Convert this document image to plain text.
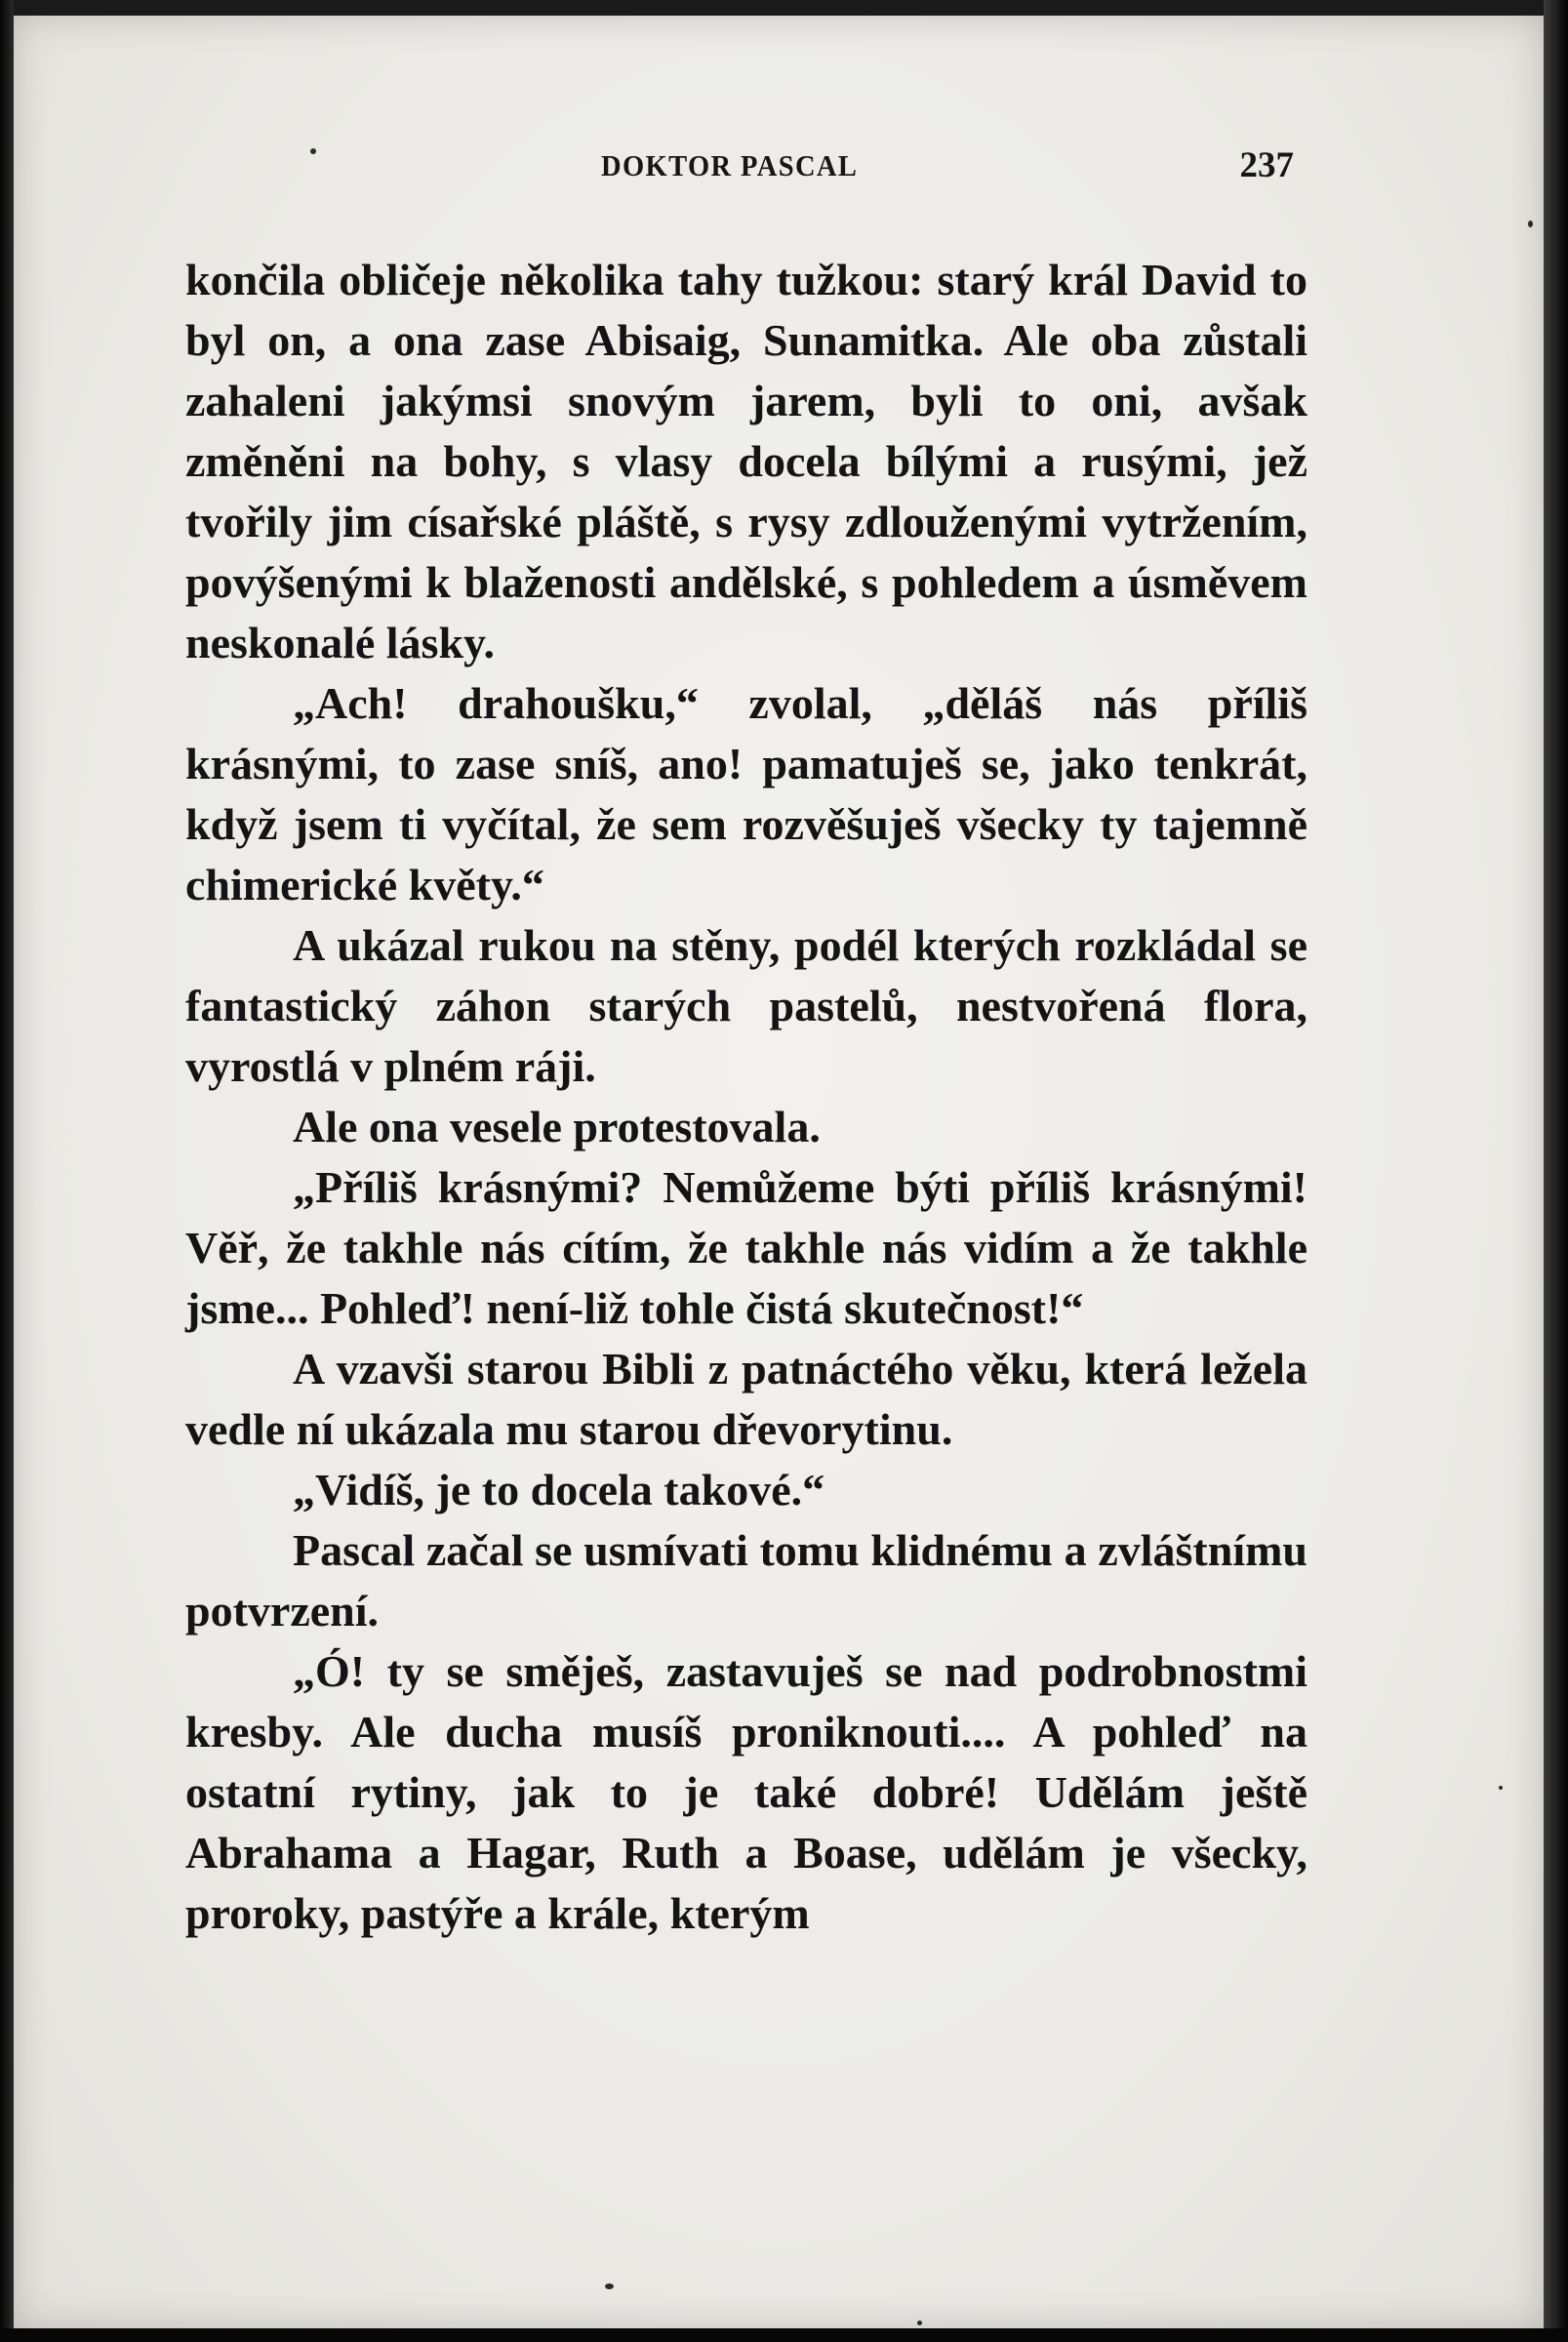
DOKTOR PASCAL	237

končila obličeje několika tahy tužkou: starý král David to byl on, a ona zase Abisaig, Sunamitka. Ale oba zůstali zahaleni jakýmsi snovým jarem, byli to oni, avšak změněni na bohy, s vlasy docela bílými a rusými, jež tvořily jim císařské pláště, s rysy zdlouženými vytržením, povýšenými k blaženosti andělské, s pohledem a úsměvem neskonalé lásky.

„Ach! drahoušku,“ zvolal, „děláš nás příliš krásnými, to zase sníš, ano! pamatuješ se, jako tenkrát, když jsem ti vyčítal, že sem rozvěšuješ všecky ty tajemně chimerické květy.“

A ukázal rukou na stěny, podél kterých rozkládal se fantastický záhon starých pastelů, nestvořená flora, vyrostlá v plném ráji.

Ale ona vesele protestovala.

„Příliš krásnými? Nemůžeme býti příliš krásnými! Věř, že takhle nás cítím, že takhle nás vidím a že takhle jsme... Pohleď! není-liž tohle čistá skutečnost!“

A vzavši starou Bibli z patnáctého věku, která ležela vedle ní ukázala mu starou dřevorytinu.

„Vidíš, je to docela takové.“

Pascal začal se usmívati tomu klidnému a zvláštnímu potvrzení.

„Ó! ty se směješ, zastavuješ se nad podrobnostmi kresby. Ale ducha musíš proniknouti.... A pohleď na ostatní rytiny, jak to je také dobré! Udělám ještě Abrahama a Hagar, Ruth a Boase, udělám je všecky, proroky, pastýře a krále, kterým
